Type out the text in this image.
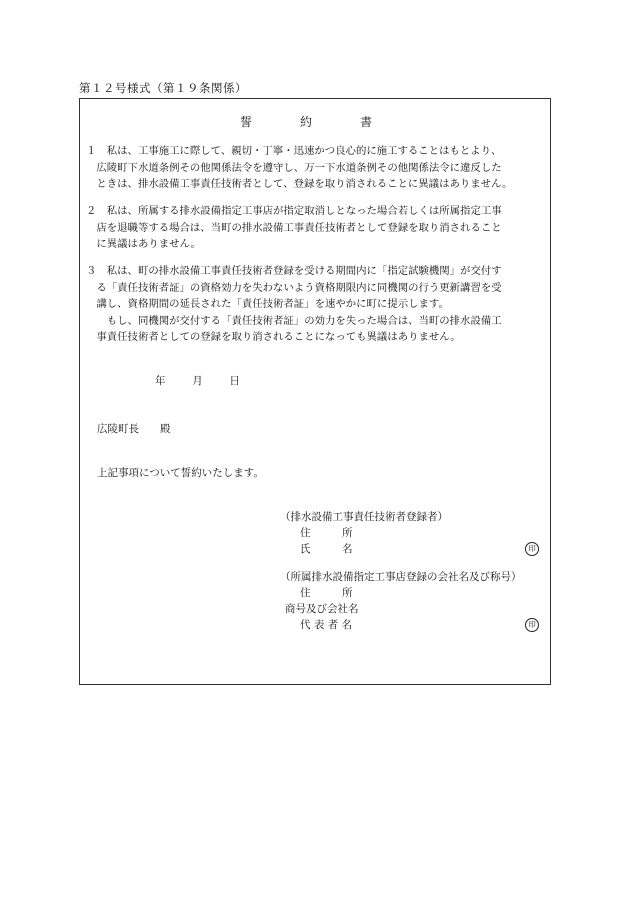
第１２号様式（第１９条関係）
誓　約　書

１　私は、工事施工に際して、親切・丁寧・迅速かつ良心的に施工することはもとより、
　広陵町下水道条例その他関係法令を遵守し、万一下水道条例その他関係法令に違反した
　ときは、排水設備工事責任技術者として、登録を取り消されることに異議はありません。

２　私は、所属する排水設備指定工事店が指定取消しとなった場合若しくは所属指定工事
　店を退職等する場合は、当町の排水設備工事責任技術者として登録を取り消されること
　に異議はありません。

３　私は、町の排水設備工事責任技術者登録を受ける期間内に「指定試験機関」が交付す
　る「責任技術者証」の資格効力を失わないよう資格期限内に同機関の行う更新講習を受
　講し、資格期間の延長された「責任技術者証」を速やかに町に提示します。
　　もし、同機関が交付する「責任技術者証」の効力を失った場合は、当町の排水設備工
　事責任技術者としての登録を取り消されることになっても異議はありません。

年	月	日
広陵町長　　殿
上記事項について誓約いたします。
（排水設備工事責任技術者登録者）
住　　　所
氏　　　名	印
（所属排水設備指定工事店登録の会社名及び称号）
住　　　所
商号及び会社名
代 表 者 名	印
